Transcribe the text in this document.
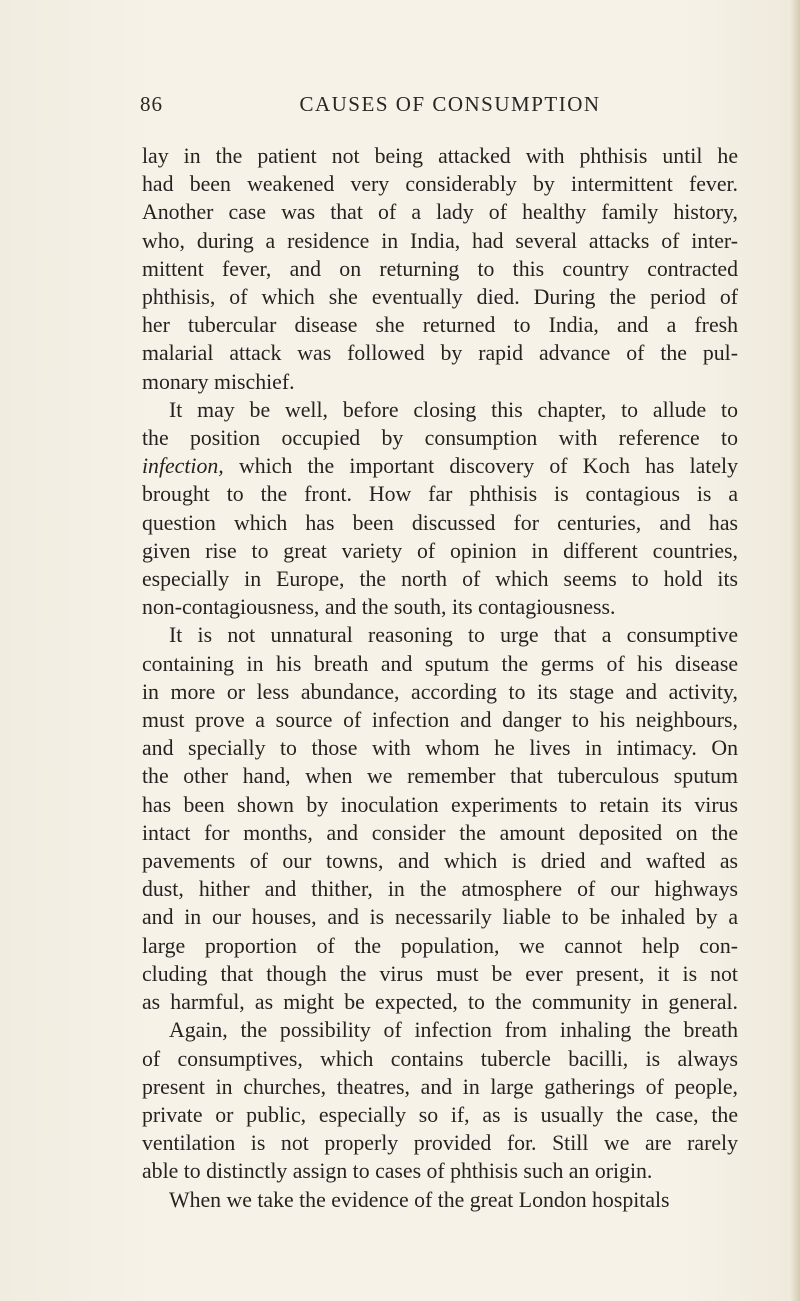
86	CAUSES OF CONSUMPTION
lay in the patient not being attacked with phthisis until he
had been weakened very considerably by intermittent fever.
Another case was that of a lady of healthy family history,
who, during a residence in India, had several attacks of inter-
mittent fever, and on returning to this country contracted
phthisis, of which she eventually died. During the period of
her tubercular disease she returned to India, and a fresh
malarial attack was followed by rapid advance of the pul-
monary mischief.
It may be well, before closing this chapter, to allude to
the position occupied by consumption with reference to
infection, which the important discovery of Koch has lately
brought to the front. How far phthisis is contagious is a
question which has been discussed for centuries, and has
given rise to great variety of opinion in different countries,
especially in Europe, the north of which seems to hold its
non-contagiousness, and the south, its contagiousness.
It is not unnatural reasoning to urge that a consumptive
containing in his breath and sputum the germs of his disease
in more or less abundance, according to its stage and activity,
must prove a source of infection and danger to his neighbours,
and specially to those with whom he lives in intimacy. On
the other hand, when we remember that tuberculous sputum
has been shown by inoculation experiments to retain its virus
intact for months, and consider the amount deposited on the
pavements of our towns, and which is dried and wafted as
dust, hither and thither, in the atmosphere of our highways
and in our houses, and is necessarily liable to be inhaled by a
large proportion of the population, we cannot help con-
cluding that though the virus must be ever present, it is not
as harmful, as might be expected, to the community in general.
Again, the possibility of infection from inhaling the breath
of consumptives, which contains tubercle bacilli, is always
present in churches, theatres, and in large gatherings of people,
private or public, especially so if, as is usually the case, the
ventilation is not properly provided for. Still we are rarely
able to distinctly assign to cases of phthisis such an origin.
When we take the evidence of the great London hospitals
